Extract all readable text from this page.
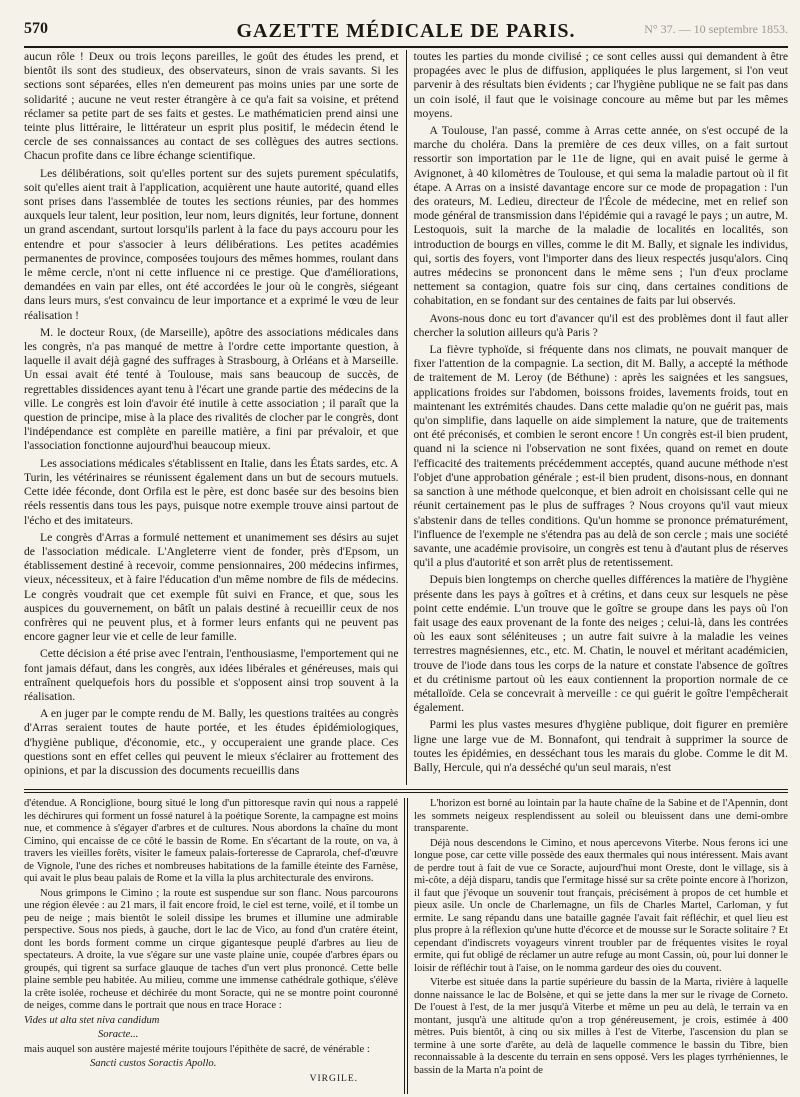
570	GAZETTE MÉDICALE DE PARIS.	N° 37. — 10 septembre 1853.

aucun rôle ! Deux ou trois leçons pareilles, le goût des études les prend, et bientôt ils sont des studieux, des observateurs, sinon de vrais savants. Si les sections sont séparées, elles n'en demeurent pas moins unies par une sorte de solidarité ; aucune ne veut rester étrangère à ce qu'a fait sa voisine, et prétend réclamer sa petite part de ses faits et gestes. Le mathématicien prend ainsi une teinte plus littéraire, le littérateur un esprit plus positif, le médecin étend le cercle de ses connaissances au contact de ses collègues des autres sections. Chacun profite dans ce libre échange scientifique.

Les délibérations, soit qu'elles portent sur des sujets purement spéculatifs, soit qu'elles aient trait à l'application, acquièrent une haute autorité, quand elles sont prises dans l'assemblée de toutes les sections réunies, par des hommes auxquels leur talent, leur position, leur nom, leurs dignités, leur fortune, donnent un grand ascendant, surtout lorsqu'ils parlent à la face du pays accouru pour les entendre et pour s'associer à leurs délibérations. Les petites académies permanentes de province, composées toujours des mêmes hommes, roulant dans le même cercle, n'ont ni cette influence ni ce prestige. Que d'améliorations, demandées en vain par elles, ont été accordées le jour où le congrès, siégeant dans leurs murs, s'est convaincu de leur importance et a exprimé le vœu de leur réalisation !

M. le docteur Roux, (de Marseille), apôtre des associations médicales dans les congrès, n'a pas manqué de mettre à l'ordre cette importante question, à laquelle il avait déjà gagné des suffrages à Strasbourg, à Orléans et à Marseille. Un essai avait été tenté à Toulouse, mais sans beaucoup de succès, de regrettables dissidences ayant tenu à l'écart une grande partie des médecins de la ville. Le congrès est loin d'avoir été inutile à cette association ; il paraît que la question de principe, mise à la place des rivalités de clocher par le congrès, dont l'indépendance est complète en pareille matière, a fini par prévaloir, et que l'association fonctionne aujourd'hui beaucoup mieux.

Les associations médicales s'établissent en Italie, dans les États sardes, etc. A Turin, les vétérinaires se réunissent également dans un but de secours mutuels. Cette idée féconde, dont Orfila est le père, est donc basée sur des besoins bien réels ressentis dans tous les pays, puisque notre exemple trouve ainsi partout de l'écho et des imitateurs.

Le congrès d'Arras a formulé nettement et unanimement ses désirs au sujet de l'association médicale. L'Angleterre vient de fonder, près d'Epsom, un établissement destiné à recevoir, comme pensionnaires, 200 médecins infirmes, vieux, nécessiteux, et à faire l'éducation d'un même nombre de fils de médecins. Le congrès voudrait que cet exemple fût suivi en France, et que, sous les auspices du gouvernement, on bâtît un palais destiné à recueillir ceux de nos confrères qui ne peuvent plus, et à former leurs enfants qui ne peuvent pas encore gagner leur vie et celle de leur famille.

Cette décision a été prise avec l'entrain, l'enthousiasme, l'emportement qui ne font jamais défaut, dans les congrès, aux idées libérales et généreuses, mais qui entraînent quelquefois hors du possible et s'opposent ainsi trop souvent à la réalisation.

A en juger par le compte rendu de M. Bally, les questions traitées au congrès d'Arras seraient toutes de haute portée, et les études épidémiologiques, d'hygiène publique, d'économie, etc., y occuperaient une grande place. Ces questions sont en effet celles qui peuvent le mieux s'éclairer au frottement des opinions, et par la discussion des documents recueillis dans

toutes les parties du monde civilisé ; ce sont celles aussi qui demandent à être propagées avec le plus de diffusion, appliquées le plus largement, si l'on veut parvenir à des résultats bien évidents ; car l'hygiène publique ne se fait pas dans un coin isolé, il faut que le voisinage concoure au même but par les mêmes moyens.

A Toulouse, l'an passé, comme à Arras cette année, on s'est occupé de la marche du choléra. Dans la première de ces deux villes, on a fait surtout ressortir son importation par le 11e de ligne, qui en avait puisé le germe à Avignonet, à 40 kilomètres de Toulouse, et qui sema la maladie partout où il fit étape. A Arras on a insisté davantage encore sur ce mode de propagation : l'un des orateurs, M. Ledieu, directeur de l'École de médecine, met en relief son mode général de transmission dans l'épidémie qui a ravagé le pays ; un autre, M. Lestoquois, suit la marche de la maladie de localités en localités, son introduction de bourgs en villes, comme le dit M. Bally, et signale les individus, qui, sortis des foyers, vont l'importer dans des lieux respectés jusqu'alors. Cinq autres médecins se prononcent dans le même sens ; l'un d'eux proclame nettement sa contagion, quatre fois sur cinq, dans certaines conditions de cohabitation, en se fondant sur des centaines de faits par lui observés.

Avons-nous donc eu tort d'avancer qu'il est des problèmes dont il faut aller chercher la solution ailleurs qu'à Paris ?

La fièvre typhoïde, si fréquente dans nos climats, ne pouvait manquer de fixer l'attention de la compagnie. La section, dit M. Bally, a accepté la méthode de traitement de M. Leroy (de Béthune) : après les saignées et les sangsues, applications froides sur l'abdomen, boissons froides, lavements froids, tout en maintenant les extrémités chaudes. Dans cette maladie qu'on ne guérit pas, mais qu'on simplifie, dans laquelle on aide simplement la nature, que de traitements ont été préconisés, et combien le seront encore ! Un congrès est-il bien prudent, quand ni la science ni l'observation ne sont fixées, quand on remet en doute l'efficacité des traitements précédemment acceptés, quand aucune méthode n'est l'objet d'une approbation générale ; est-il bien prudent, disons-nous, en donnant sa sanction à une méthode quelconque, et bien adroit en choisissant celle qui ne réunit certainement pas le plus de suffrages ? Nous croyons qu'il vaut mieux s'abstenir dans de telles conditions. Qu'un homme se prononce prématurément, l'influence de l'exemple ne s'étendra pas au delà de son cercle ; mais une société savante, une académie provisoire, un congrès est tenu à d'autant plus de réserves qu'il a plus d'autorité et son arrêt plus de retentissement.

Depuis bien longtemps on cherche quelles différences la matière de l'hygiène présente dans les pays à goîtres et à crétins, et dans ceux sur lesquels ne pèse point cette endémie. L'un trouve que le goître se groupe dans les pays où l'on fait usage des eaux provenant de la fonte des neiges ; celui-là, dans les contrées où les eaux sont séléniteuses ; un autre fait suivre à la maladie les veines terrestres magnésiennes, etc., etc. M. Chatin, le nouvel et méritant académicien, trouve de l'iode dans tous les corps de la nature et constate l'absence de goîtres et du crétinisme partout où les eaux contiennent la proportion normale de ce métalloïde. Cela se concevrait à merveille : ce qui guérit le goître l'empêcherait également.

Parmi les plus vastes mesures d'hygiène publique, doit figurer en première ligne une large vue de M. Bonnafont, qui tendrait à supprimer la source de toutes les épidémies, en desséchant tous les marais du globe. Comme le dit M. Bally, Hercule, qui n'a desséché qu'un seul marais, n'est

d'étendue. A Ronciglione, bourg situé le long d'un pittoresque ravin qui nous a rappelé les déchirures qui forment un fossé naturel à la poétique Sorente, la campagne est moins nue, et commence à s'égayer d'arbres et de cultures. Nous abordons la chaîne du mont Cimino, qui encaisse de ce côté le bassin de Rome. En s'écartant de la route, on va, à travers les vieilles forêts, visiter le fameux palais-forteresse de Caprarola, chef-d'œuvre de Vignole, l'une des riches et nombreuses habitations de la famille éteinte des Farnèse, qui avait le plus beau palais de Rome et la villa la plus architecturale des environs.

Nous grimpons le Cimino ; la route est suspendue sur son flanc. Nous parcourons une région élevée : au 21 mars, il fait encore froid, le ciel est terne, voilé, et il tombe un peu de neige ; mais bientôt le soleil dissipe les brumes et illumine une admirable perspective. Sous nos pieds, à gauche, dort le lac de Vico, au fond d'un cratère éteint, dont les bords forment comme un cirque gigantesque peuplé d'arbres au lieu de spectateurs. A droite, la vue s'égare sur une vaste plaine unie, coupée d'arbres épars ou groupés, qui tigrent sa surface glauque de taches d'un vert plus prononcé. Cette belle plaine semble peu habitée. Au milieu, comme une immense cathédrale gothique, s'élève la crête isolée, rocheuse et déchirée du mont Soracte, qui ne se montre point couronné de neiges, comme dans le portrait que nous en trace Horace :

Vides ut alta stet niva candidum

Soracte...

mais auquel son austère majesté mérite toujours l'épithète de sacré, de vénérable :

Sancti custos Soractis Apollo.

VIRGILE.

L'horizon est borné au lointain par la haute chaîne de la Sabine et de l'Apennin, dont les sommets neigeux resplendissent au soleil ou bleuissent dans une demi-ombre transparente.

Déjà nous descendons le Cimino, et nous apercevons Viterbe. Nous ferons ici une longue pose, car cette ville possède des eaux thermales qui nous intéressent. Mais avant de perdre tout à fait de vue ce Soracte, aujourd'hui mont Oreste, dont le village, sis à mi-côte, a déjà disparu, tandis que l'ermitage hissé sur sa crête pointe encore à l'horizon, il faut que j'évoque un souvenir tout français, précisément à propos de cet humble et pieux asile. Un oncle de Charlemagne, un fils de Charles Martel, Carloman, y fut ermite. Le sang répandu dans une bataille gagnée l'avait fait réfléchir, et quel lieu est plus propre à la réflexion qu'une hutte d'écorce et de mousse sur le Soracte solitaire ? Et cependant d'indiscrets voyageurs vinrent troubler par de fréquentes visites le royal ermite, qui fut obligé de réclamer un autre refuge au mont Cassin, où, pour lui donner le loisir de réfléchir tout à l'aise, on le nomma gardeur des oies du couvent.

Viterbe est située dans la partie supérieure du bassin de la Marta, rivière à laquelle donne naissance le lac de Bolsène, et qui se jette dans la mer sur le rivage de Corneto. De l'ouest à l'est, de la mer jusqu'à Viterbe et même un peu au delà, le terrain va en montant, jusqu'à une altitude qu'on a trop généreusement, je crois, estimée à 400 mètres. Puis bientôt, à cinq ou six milles à l'est de Viterbe, l'ascension du plan se termine à une sorte d'arête, au delà de laquelle commence le bassin du Tibre, bien reconnaissable à la descente du terrain en sens opposé. Vers les plages tyrrhéniennes, le bassin de la Marta n'a point de
